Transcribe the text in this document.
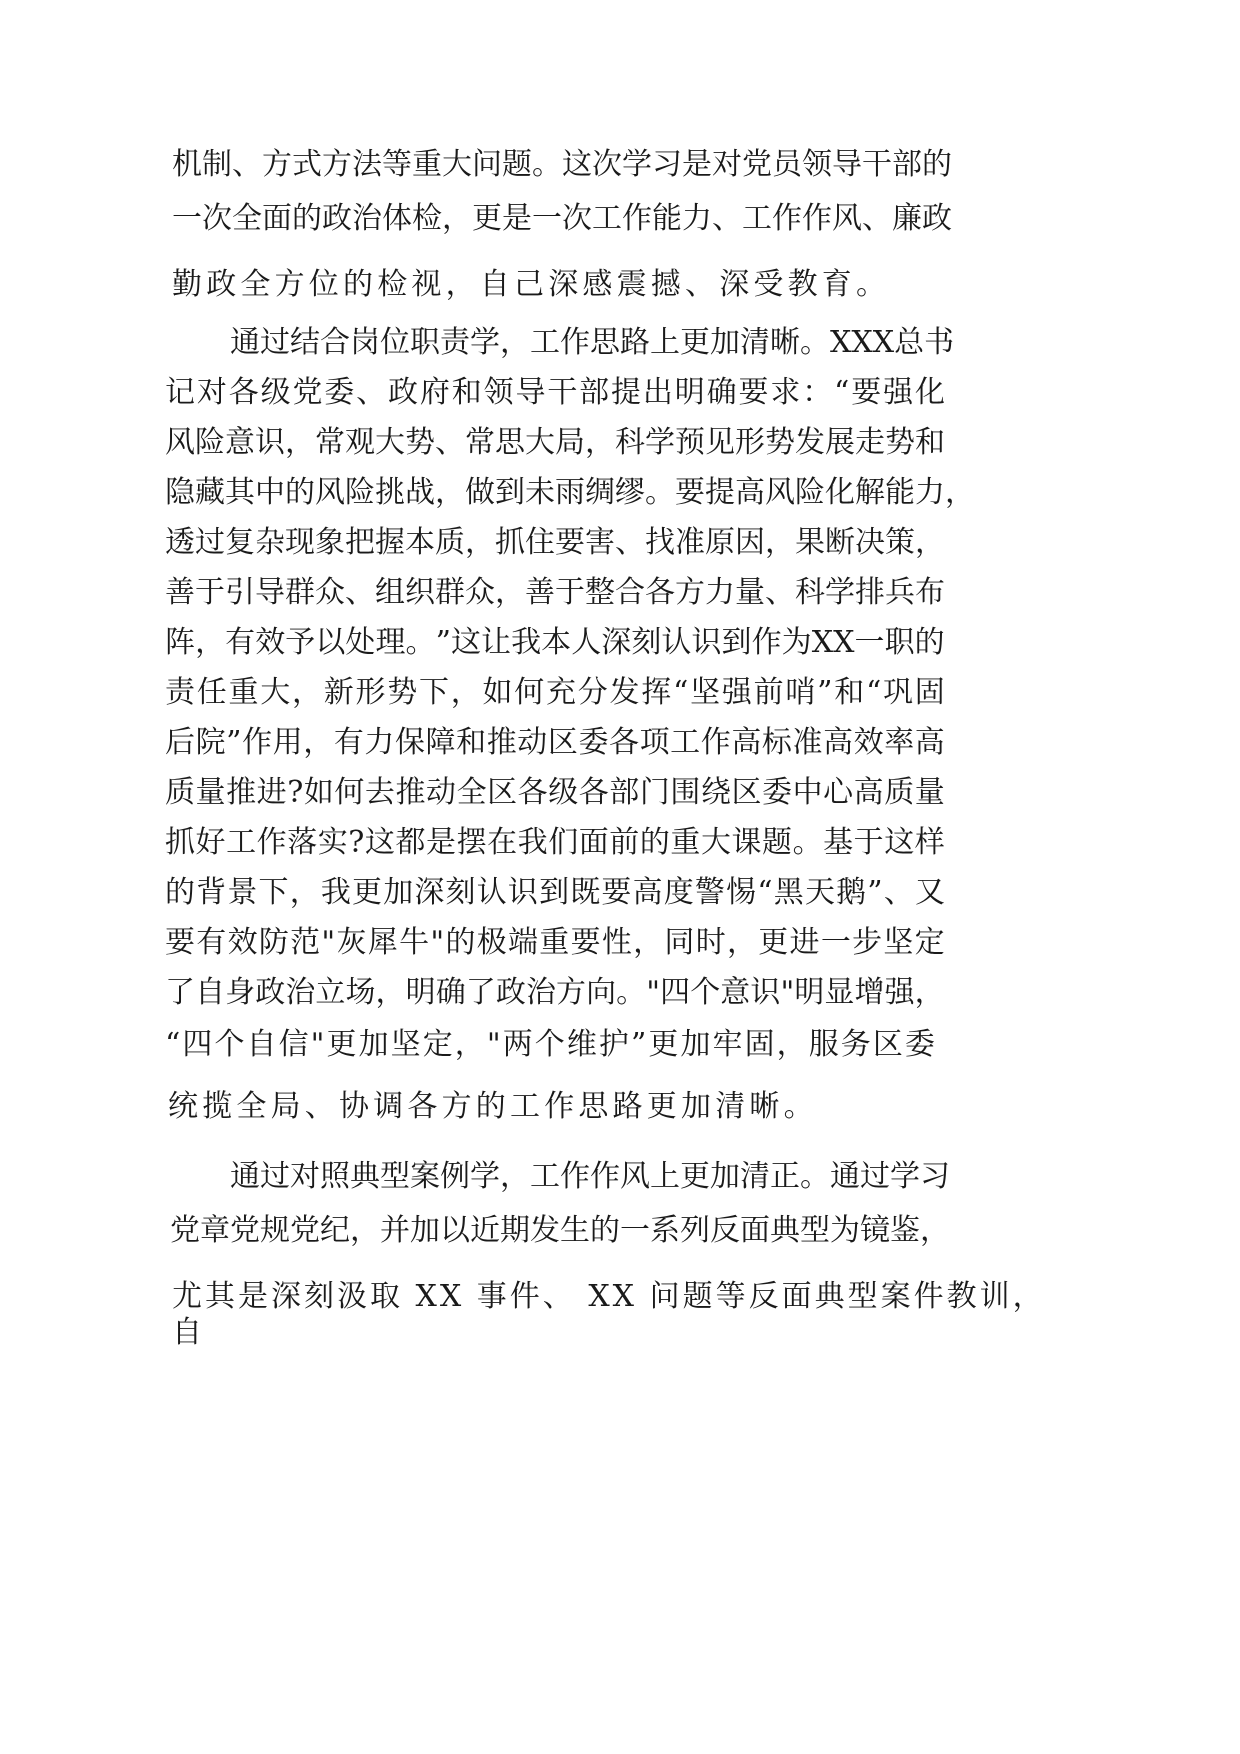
机 制 、 方 式 方 法 等 重 大 问 题 。 这 次 学 习 是 对 党 员 领 导 干 部 的
一 次 全 面 的 政 治 体 检 ， 更 是 一 次 工 作 能 力 、 工 作 作 风 、 廉 政
勤政全方位的检视，自己深感震撼、深受教育。
通 过 结 合 岗 位 职 责 学 ， 工 作 思 路 上 更 加 清 晰 。 XXX 总 书
记 对 各 级 党 委 、 政 府 和 领 导 干 部 提 出 明 确 要 求 ： “ 要 强 化
风 险 意 识 ， 常 观 大 势 、 常 思 大 局 ， 科 学 预 见 形 势 发 展 走 势 和
隐 藏 其 中 的 风 险 挑 战 ， 做 到 未 雨 绸 缪 。 要 提 高 风 险 化 解 能 力 ，
透 过 复 杂 现 象 把 握 本 质 ， 抓 住 要 害 、 找 准 原 因 ， 果 断 决 策 ，
善 于 引 导 群 众 、 组 织 群 众 ， 善 于 整 合 各 方 力 量 、 科 学 排 兵 布
阵 ， 有 效 予 以 处 理 。 ” 这 让 我 本 人 深 刻 认 识 到 作 为 XX 一 职 的
责 任 重 大 ， 新 形 势 下 ， 如 何 充 分 发 挥 “ 坚 强 前 哨 ” 和 “ 巩 固
后 院 ” 作 用 ， 有 力 保 障 和 推 动 区 委 各 项 工 作 高 标 准 高 效 率 高
质 量 推 进 ? 如 何 去 推 动 全 区 各 级 各 部 门 围 绕 区 委 中 心 高 质 量
抓 好 工 作 落 实 ? 这 都 是 摆 在 我 们 面 前 的 重 大 课 题 。 基 于 这 样
的 背 景 下 ， 我 更 加 深 刻 认 识 到 既 要 高 度 警 惕 “ 黑 天 鹅 ” 、 又
要 有 效 防 范 " 灰 犀 牛 " 的 极 端 重 要 性 ， 同 时 ， 更 进 一 步 坚 定
了 自 身 政 治 立 场 ， 明 确 了 政 治 方 向 。 " 四 个 意 识 " 明 显 增 强 ，
“ 四 个 自 信 " 更 加 坚 定 ， " 两 个 维 护 ” 更 加 牢 固 ， 服 务 区 委
统揽全局、协调各方的工作思路更加清晰。
通 过 对 照 典 型 案 例 学 ， 工 作 作 风 上 更 加 清 正 。 通 过 学 习
党 章 党 规 党 纪 ， 并 加 以 近 期 发 生 的 一 系 列 反 面 典 型 为 镜 鉴 ，
尤其是深刻汲取 XX 事件、 XX 问题等反面典型案件教训，
自
